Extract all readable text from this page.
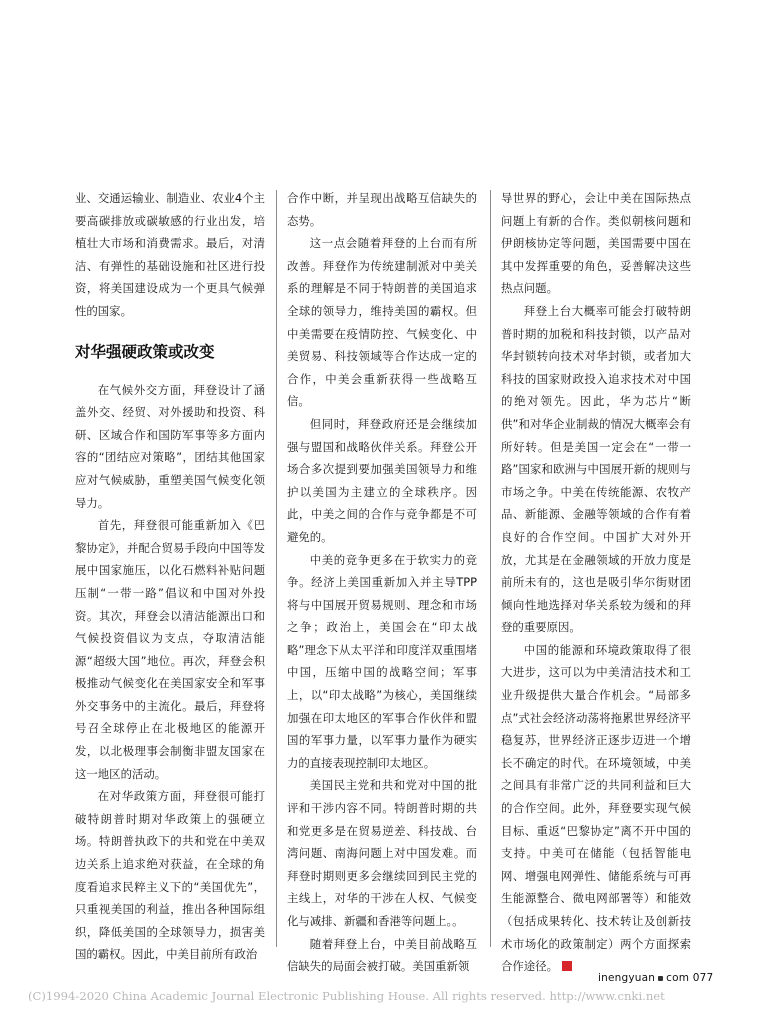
业、交通运输业、制造业、农业4个主要高碳排放或碳敏感的行业出发，培植壮大市场和消费需求。最后，对清洁、有弹性的基础设施和社区进行投资，将美国建设成为一个更具气候弹性的国家。

对华强硬政策或改变

在气候外交方面，拜登设计了涵盖外交、经贸、对外援助和投资、科研、区域合作和国防军事等多方面内容的“团结应对策略”，团结其他国家应对气候威胁，重塑美国气候变化领导力。

首先，拜登很可能重新加入《巴黎协定》，并配合贸易手段向中国等发展中国家施压，以化石燃料补贴问题压制“一带一路”倡议和中国对外投资。其次，拜登会以清洁能源出口和气候投资倡议为支点，夺取清洁能源“超级大国”地位。再次，拜登会积极推动气候变化在美国家安全和军事外交事务中的主流化。最后，拜登将号召全球停止在北极地区的能源开发，以北极理事会制衡非盟友国家在这一地区的活动。

在对华政策方面，拜登很可能打破特朗普时期对华政策上的强硬立场。特朗普执政下的共和党在中美双边关系上追求绝对获益，在全球的角度看追求民粹主义下的“美国优先”，只重视美国的利益，推出各种国际组织，降低美国的全球领导力，损害美国的霸权。因此，中美目前所有政治

合作中断，并呈现出战略互信缺失的态势。

这一点会随着拜登的上台而有所改善。拜登作为传统建制派对中美关系的理解是不同于特朗普的美国追求全球的领导力，维持美国的霸权。但中美需要在疫情防控、气候变化、中美贸易、科技领域等合作达成一定的合作，中美会重新获得一些战略互信。

但同时，拜登政府还是会继续加强与盟国和战略伙伴关系。拜登公开场合多次提到要加强美国领导力和维护以美国为主建立的全球秩序。因此，中美之间的合作与竞争都是不可避免的。

中美的竞争更多在于软实力的竞争。经济上美国重新加入并主导TPP将与中国展开贸易规则、理念和市场之争；政治上，美国会在“印太战略”理念下从太平洋和印度洋双重围堵中国，压缩中国的战略空间；军事上，以“印太战略”为核心，美国继续加强在印太地区的军事合作伙伴和盟国的军事力量，以军事力量作为硬实力的直接表现控制印太地区。

美国民主党和共和党对中国的批评和干涉内容不同。特朗普时期的共和党更多是在贸易逆差、科技战、台湾问题、南海问题上对中国发难。而拜登时期则更多会继续回到民主党的主线上，对华的干涉在人权、气候变化与减排、新疆和香港等问题上。。

随着拜登上台，中美目前战略互信缺失的局面会被打破。美国重新领

导世界的野心，会让中美在国际热点问题上有新的合作。类似朝核问题和伊朗核协定等问题，美国需要中国在其中发挥重要的角色，妥善解决这些热点问题。

拜登上台大概率可能会打破特朗普时期的加税和科技封锁，以产品对华封锁转向技术对华封锁，或者加大科技的国家财政投入追求技术对中国的绝对领先。因此，华为芯片“断供”和对华企业制裁的情况大概率会有所好转。但是美国一定会在“一带一路”国家和欧洲与中国展开新的规则与市场之争。中美在传统能源、农牧产品、新能源、金融等领域的合作有着良好的合作空间。中国扩大对外开放，尤其是在金融领域的开放力度是前所未有的，这也是吸引华尔街财团倾向性地选择对华关系较为缓和的拜登的重要原因。

中国的能源和环境政策取得了很大进步，这可以为中美清洁技术和工业升级提供大量合作机会。“局部多点”式社会经济动荡将拖累世界经济平稳复苏，世界经济正逐步迈进一个增长不确定的时代。在环境领域，中美之间具有非常广泛的共同利益和巨大的合作空间。此外，拜登要实现气候目标、重返“巴黎协定”离不开中国的支持。中美可在储能（包括智能电网、增强电网弹性、储能系统与可再生能源整合、微电网部署等）和能效（包括成果转化、技术转让及创新技术市场化的政策制定）两个方面探索合作途径。

inengyuan com 077
(C)1994-2020 China Academic Journal Electronic Publishing House. All rights reserved. http://www.cnki.net
